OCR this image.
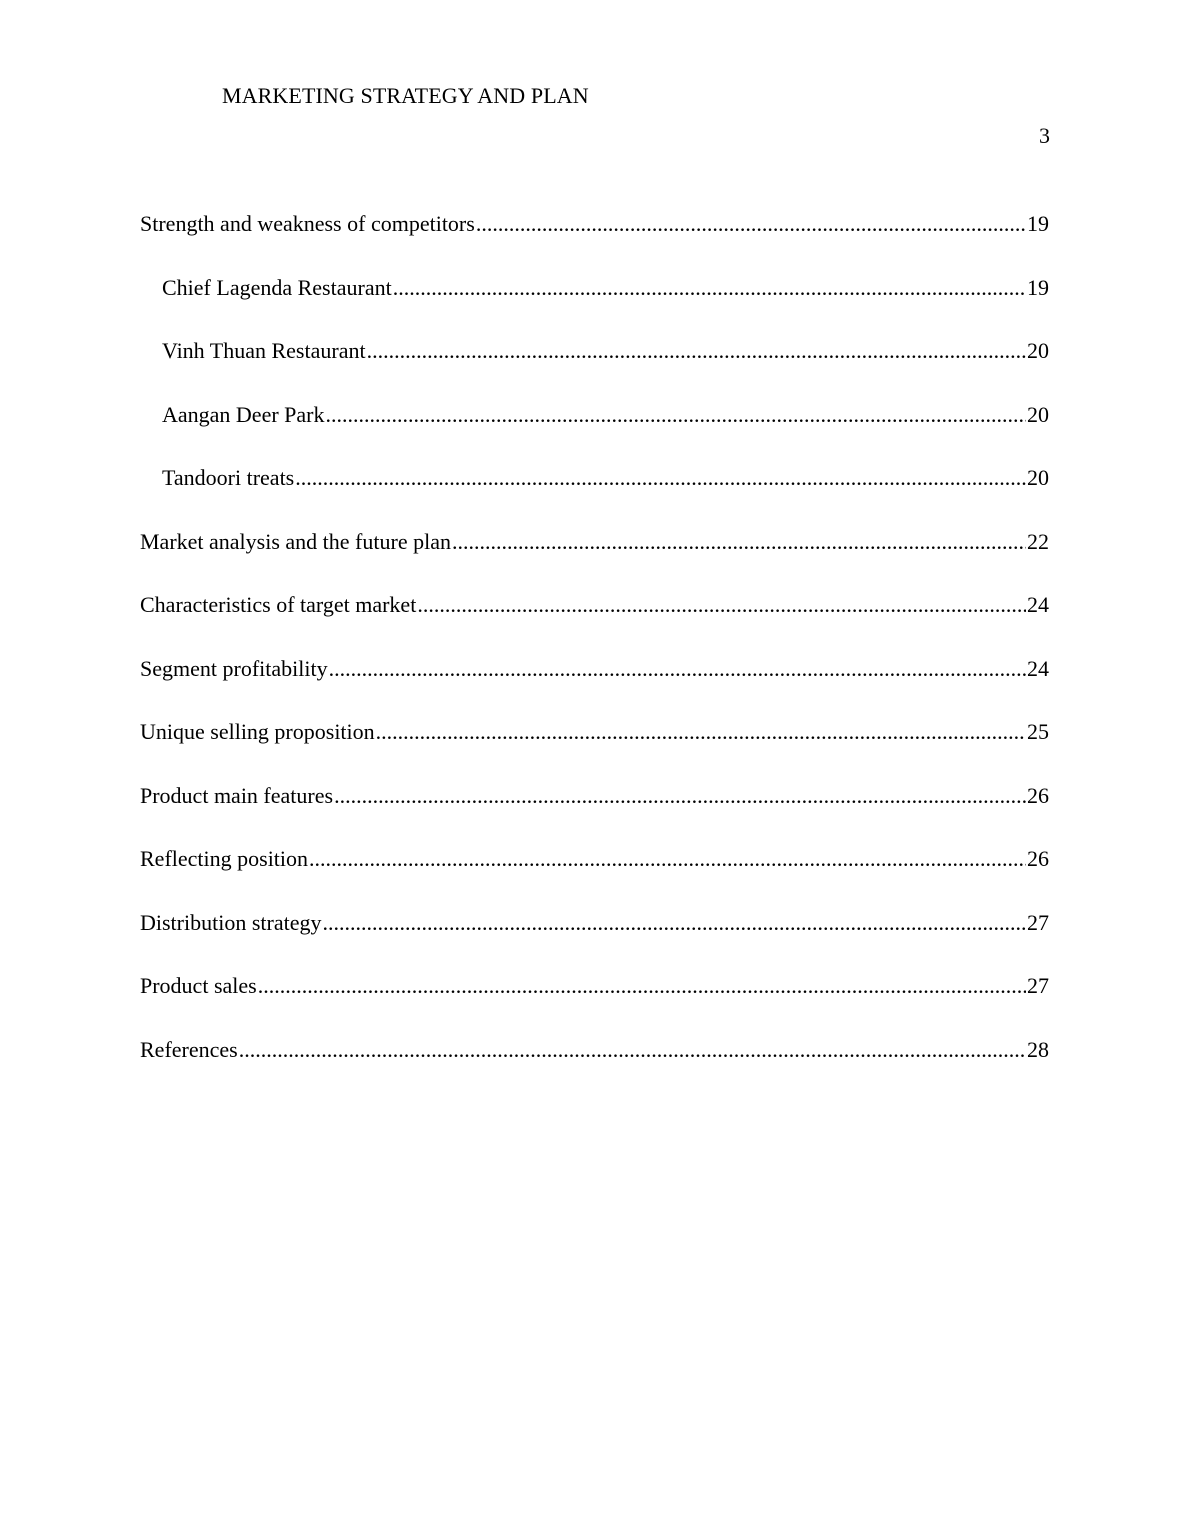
MARKETING STRATEGY AND PLAN
3
Strength and weakness of competitors .....	19
Chief Lagenda Restaurant .....	19
Vinh Thuan Restaurant .....	20
Aangan Deer Park .....	20
Tandoori treats .....	20
Market analysis and the future plan .....	22
Characteristics of target market .....	24
Segment profitability .....	24
Unique selling proposition .....	25
Product main features .....	26
Reflecting position .....	26
Distribution strategy .....	27
Product sales .....	27
References .....	28
